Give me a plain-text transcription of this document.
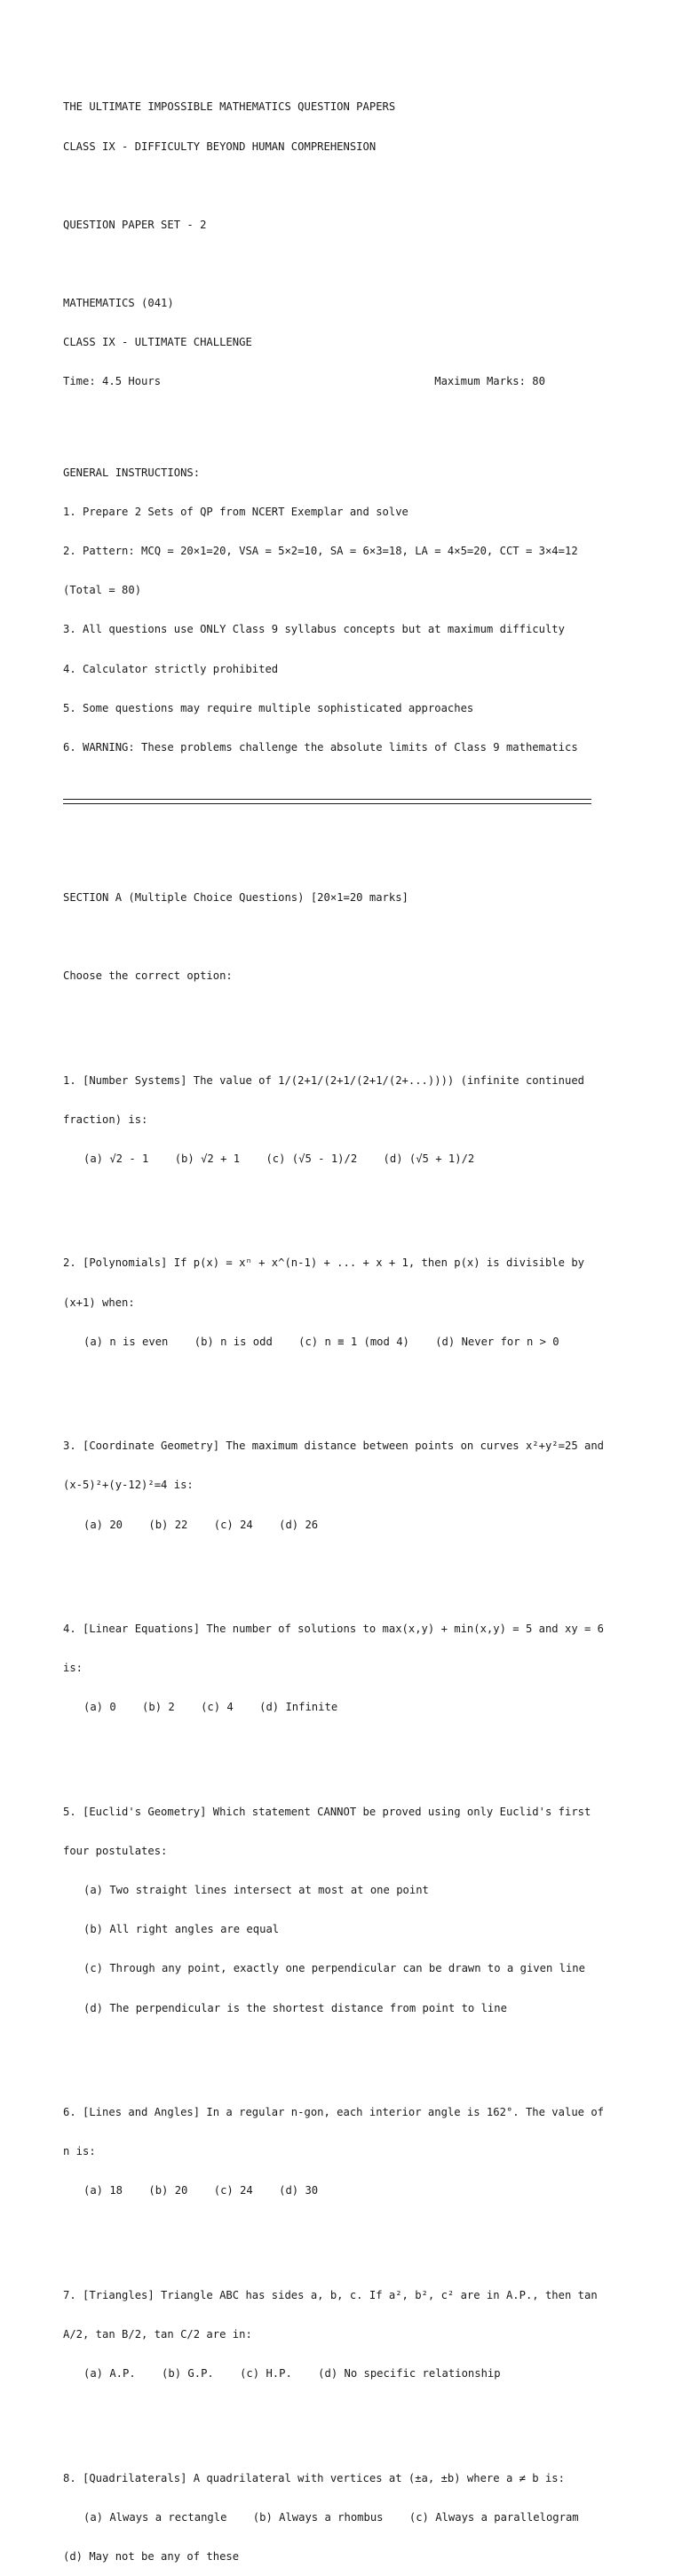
THE ULTIMATE IMPOSSIBLE MATHEMATICS QUESTION PAPERS

CLASS IX - DIFFICULTY BEYOND HUMAN COMPREHENSION

QUESTION PAPER SET - 2

MATHEMATICS (041)

CLASS IX - ULTIMATE CHALLENGE

Time: 4.5 Hours	Maximum Marks: 80

GENERAL INSTRUCTIONS:

1. Prepare 2 Sets of QP from NCERT Exemplar and solve

2. Pattern: MCQ = 20×1=20, VSA = 5×2=10, SA = 6×3=18, LA = 4×5=20, CCT = 3×4=12

(Total = 80)

3. All questions use ONLY Class 9 syllabus concepts but at maximum difficulty

4. Calculator strictly prohibited

5. Some questions may require multiple sophisticated approaches

6. WARNING: These problems challenge the absolute limits of Class 9 mathematics

SECTION A (Multiple Choice Questions) [20×1=20 marks]

Choose the correct option:

1. [Number Systems] The value of 1/(2+1/(2+1/(2+1/(2+...)))) (infinite continued

fraction) is:

(a) √2 - 1    (b) √2 + 1    (c) (√5 - 1)/2    (d) (√5 + 1)/2

2. [Polynomials] If p(x) = xⁿ + x^(n-1) + ... + x + 1, then p(x) is divisible by

(x+1) when:

(a) n is even    (b) n is odd    (c) n ≡ 1 (mod 4)    (d) Never for n > 0

3. [Coordinate Geometry] The maximum distance between points on curves x²+y²=25 and

(x-5)²+(y-12)²=4 is:

(a) 20    (b) 22    (c) 24    (d) 26

4. [Linear Equations] The number of solutions to max(x,y) + min(x,y) = 5 and xy = 6

is:

(a) 0    (b) 2    (c) 4    (d) Infinite

5. [Euclid's Geometry] Which statement CANNOT be proved using only Euclid's first

four postulates:

(a) Two straight lines intersect at most at one point

(b) All right angles are equal

(c) Through any point, exactly one perpendicular can be drawn to a given line

(d) The perpendicular is the shortest distance from point to line

6. [Lines and Angles] In a regular n-gon, each interior angle is 162°. The value of

n is:

(a) 18    (b) 20    (c) 24    (d) 30

7. [Triangles] Triangle ABC has sides a, b, c. If a², b², c² are in A.P., then tan

A/2, tan B/2, tan C/2 are in:

(a) A.P.    (b) G.P.    (c) H.P.    (d) No specific relationship

8. [Quadrilaterals] A quadrilateral with vertices at (±a, ±b) where a ≠ b is:

(a) Always a rectangle    (b) Always a rhombus    (c) Always a parallelogram

(d) May not be any of these
